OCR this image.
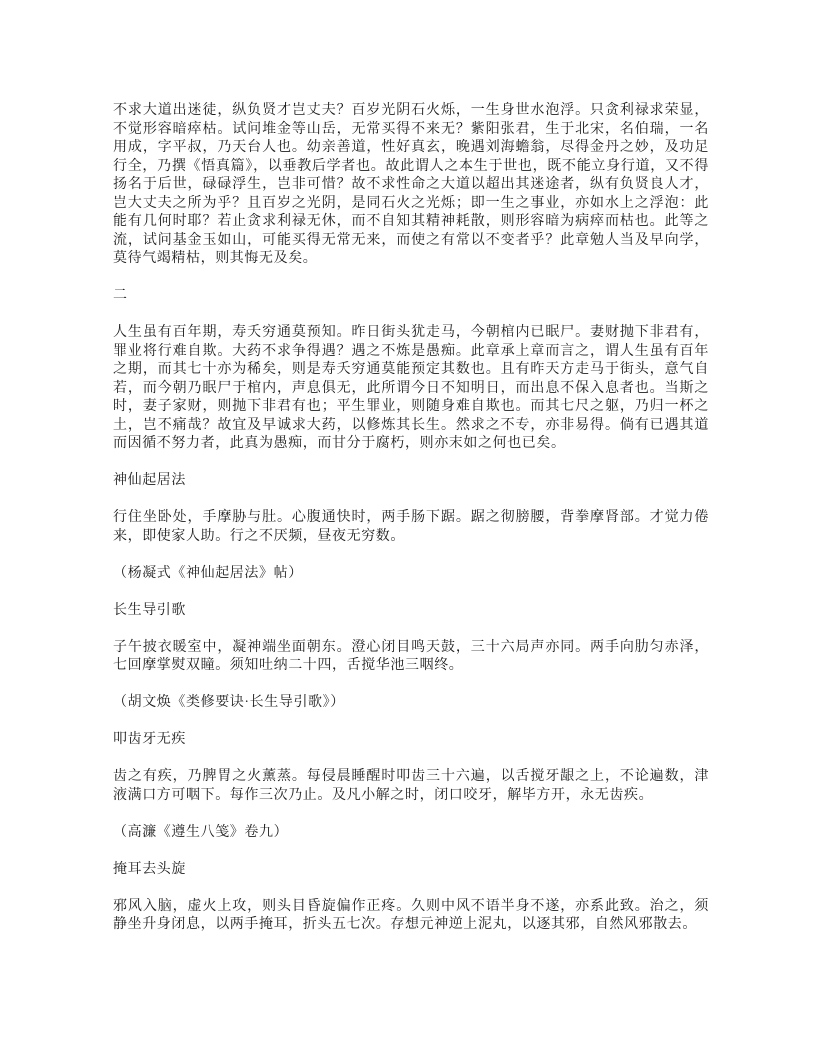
不求大道出迷徒，纵负贤才岂丈夫？百岁光阴石火烁，一生身世水泡浮。只贪利禄求荣显，不觉形容暗瘁枯。试问堆金等山岳，无常买得不来无？紫阳张君，生于北宋，名伯瑞，一名用成，字平叔，乃天台人也。幼亲善道，性好真玄，晚遇刘海蟾翁，尽得金丹之妙，及功足行全，乃撰《悟真篇》，以垂教后学者也。故此谓人之本生于世也，既不能立身行道，又不得扬名于后世，碌碌浮生，岂非可惜？故不求性命之大道以超出其迷途者，纵有负贤良人才，岂大丈夫之所为乎？且百岁之光阴，是同石火之光烁；即一生之事业，亦如水上之浮泡：此能有几何时耶？若止贪求利禄无休，而不自知其精神耗散，则形容暗为病瘁而枯也。此等之流，试问基金玉如山，可能买得无常无来，而使之有常以不变者乎？此章勉人当及早向学，莫待气竭精枯，则其悔无及矣。

二

人生虽有百年期，寿夭穷通莫预知。昨日街头犹走马，今朝棺内已眠尸。妻财抛下非君有，罪业将行难自欺。大药不求争得遇？遇之不炼是愚痴。此章承上章而言之，谓人生虽有百年之期，而其七十亦为稀矣，则是寿夭穷通莫能预定其数也。且有昨天方走马于街头，意气自若，而今朝乃眠尸于棺内，声息俱无，此所谓今日不知明日，而出息不保入息者也。当斯之时，妻子家财，则抛下非君有也；平生罪业，则随身难自欺也。而其七尺之躯，乃归一杯之土，岂不痛哉？故宜及早诚求大药，以修炼其长生。然求之不专，亦非易得。倘有已遇其道而因循不努力者，此真为愚痴，而甘分于腐朽，则亦末如之何也已矣。

神仙起居法

行住坐卧处，手摩胁与肚。心腹通快时，两手肠下踞。踞之彻膀腰，背拳摩肾部。才觉力倦来，即使家人助。行之不厌频，昼夜无穷数。

（杨凝式《神仙起居法》帖）

长生导引歌

子午披衣暖室中，凝神端坐面朝东。澄心闭目鸣天鼓，三十六局声亦同。两手向肋匀赤泽，七回摩掌熨双瞳。须知吐纳二十四，舌搅华池三咽终。

（胡文焕《类修要诀·长生导引歌》）

叩齿牙无疾

齿之有疾，乃脾胃之火薰蒸。每侵晨睡醒时叩齿三十六遍，以舌搅牙龈之上，不论遍数，津液满口方可咽下。每作三次乃止。及凡小解之时，闭口咬牙，解毕方开，永无齿疾。

（高濂《遵生八笺》卷九）

掩耳去头旋

邪风入脑，虚火上攻，则头目昏旋偏作正疼。久则中风不语半身不遂，亦系此致。治之，须静坐升身闭息，以两手掩耳，折头五七次。存想元神逆上泥丸，以逐其邪，自然风邪散去。
